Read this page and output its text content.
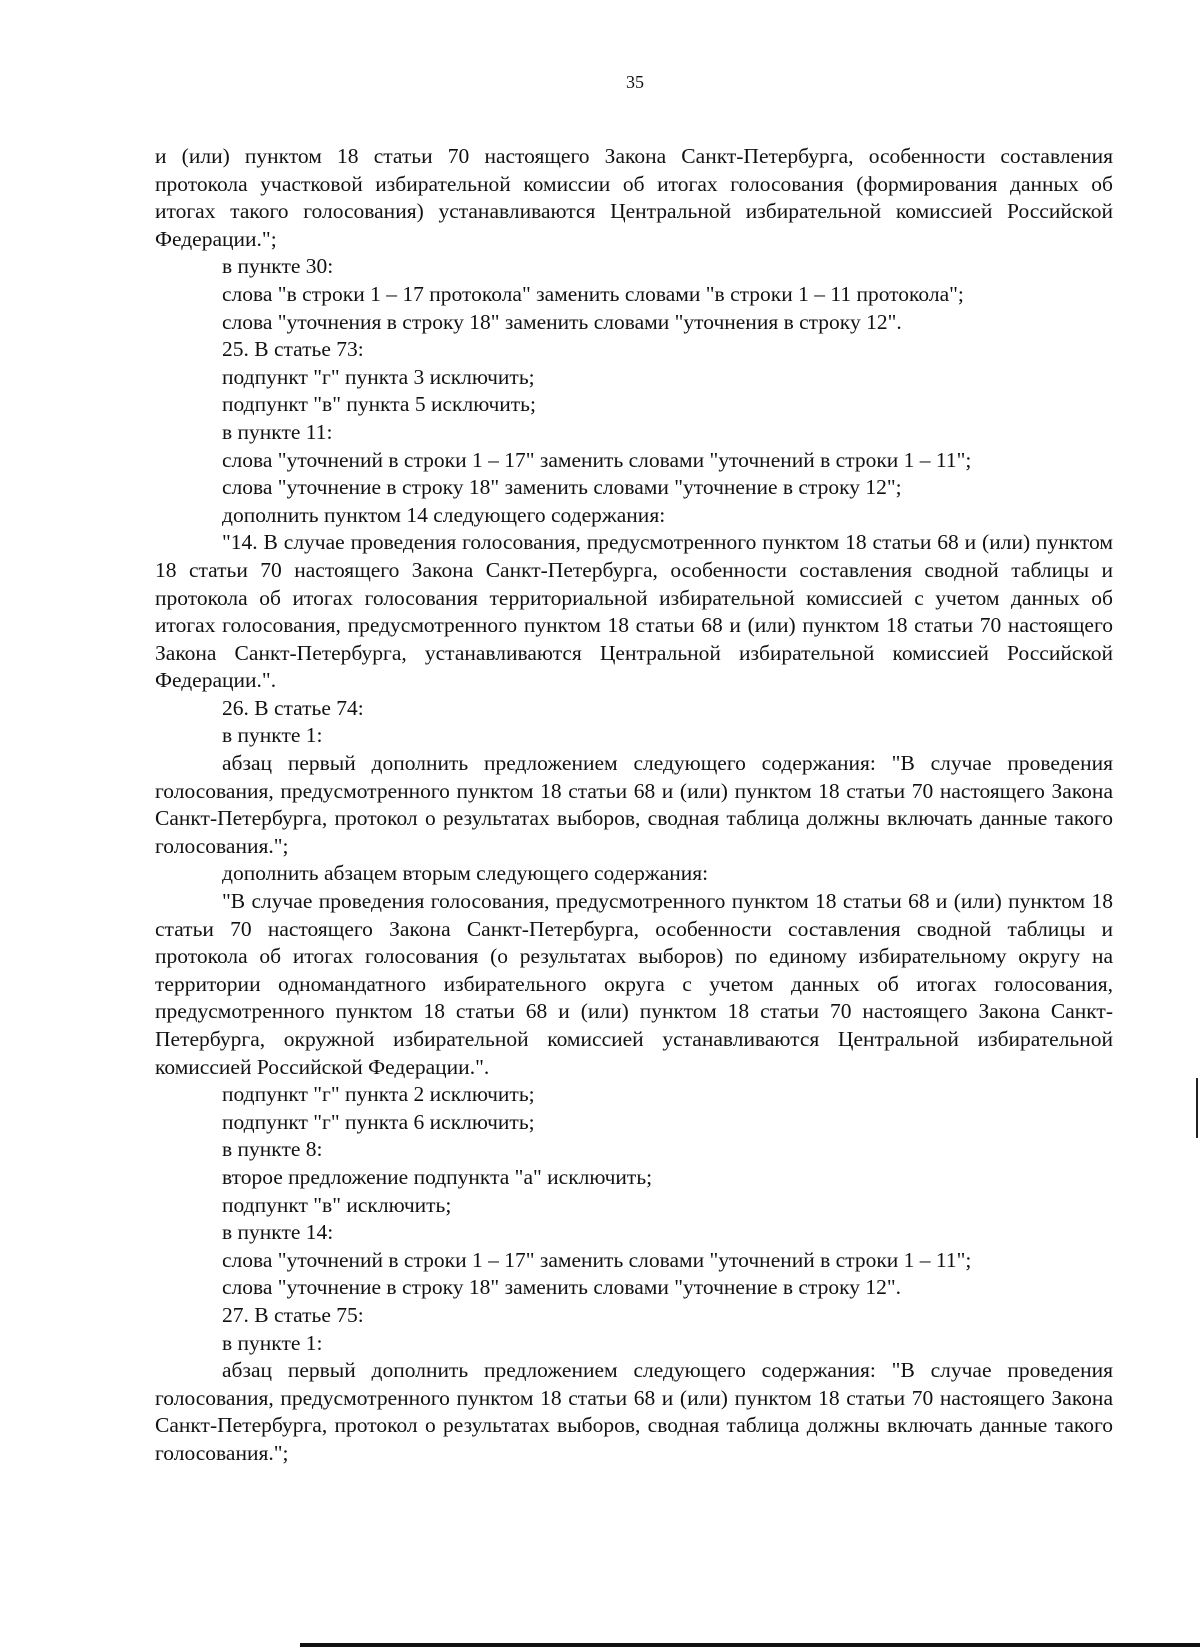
35

и (или) пунктом 18 статьи 70 настоящего Закона Санкт-Петербурга, особенности составления протокола участковой избирательной комиссии об итогах голосования (формирования данных об итогах такого голосования) устанавливаются Центральной избирательной комиссией Российской Федерации.";

в пункте 30:

слова "в строки 1 – 17 протокола" заменить словами "в строки 1 – 11 протокола";

слова "уточнения в строку 18" заменить словами "уточнения в строку 12".

25. В статье 73:

подпункт "г" пункта 3 исключить;

подпункт "в" пункта 5 исключить;

в пункте 11:

слова "уточнений в строки 1 – 17" заменить словами "уточнений в строки 1 – 11";

слова "уточнение в строку 18" заменить словами "уточнение в строку 12";

дополнить пунктом 14 следующего содержания:

"14. В случае проведения голосования, предусмотренного пунктом 18 статьи 68 и (или) пунктом 18 статьи 70 настоящего Закона Санкт-Петербурга, особенности составления сводной таблицы и протокола об итогах голосования территориальной избирательной комиссией с учетом данных об итогах голосования, предусмотренного пунктом 18 статьи 68 и (или) пунктом 18 статьи 70 настоящего Закона Санкт-Петербурга, устанавливаются Центральной избирательной комиссией Российской Федерации.".

26. В статье 74:

в пункте 1:

абзац первый дополнить предложением следующего содержания: "В случае проведения голосования, предусмотренного пунктом 18 статьи 68 и (или) пунктом 18 статьи 70 настоящего Закона Санкт-Петербурга, протокол о результатах выборов, сводная таблица должны включать данные такого голосования.";

дополнить абзацем вторым следующего содержания:

"В случае проведения голосования, предусмотренного пунктом 18 статьи 68 и (или) пунктом 18 статьи 70 настоящего Закона Санкт-Петербурга, особенности составления сводной таблицы и протокола об итогах голосования (о результатах выборов) по единому избирательному округу на территории одномандатного избирательного округа с учетом данных об итогах голосования, предусмотренного пунктом 18 статьи 68 и (или) пунктом 18 статьи 70 настоящего Закона Санкт-Петербурга, окружной избирательной комиссией устанавливаются Центральной избирательной комиссией Российской Федерации.".

подпункт "г" пункта 2 исключить;

подпункт "г" пункта 6 исключить;

в пункте 8:

второе предложение подпункта "а" исключить;

подпункт "в" исключить;

в пункте 14:

слова "уточнений в строки 1 – 17" заменить словами "уточнений в строки 1 – 11";

слова "уточнение в строку 18" заменить словами "уточнение в строку 12".

27. В статье 75:

в пункте 1:

абзац первый дополнить предложением следующего содержания: "В случае проведения голосования, предусмотренного пунктом 18 статьи 68 и (или) пунктом 18 статьи 70 настоящего Закона Санкт-Петербурга, протокол о результатах выборов, сводная таблица должны включать данные такого голосования.";
